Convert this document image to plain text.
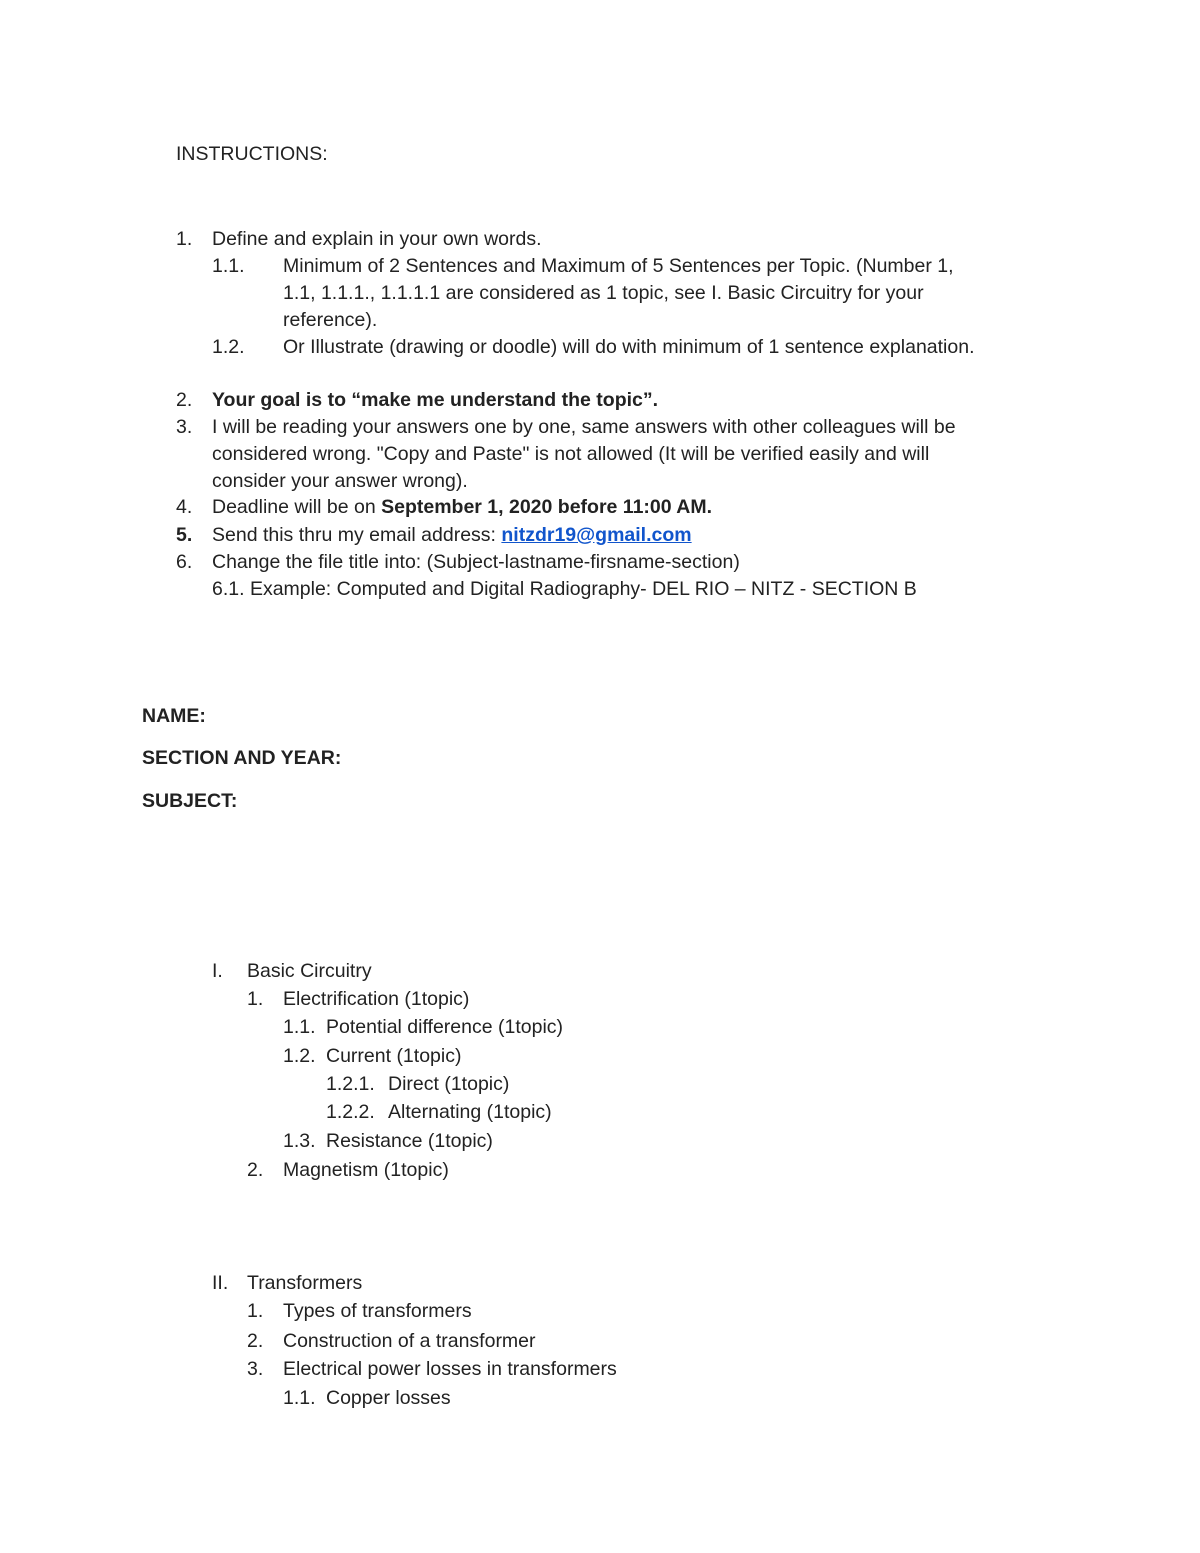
INSTRUCTIONS:
1. Define and explain in your own words.
1.1. Minimum of 2 Sentences and Maximum of 5 Sentences per Topic. (Number 1,
1.1, 1.1.1., 1.1.1.1 are considered as 1 topic, see I. Basic Circuitry for your
reference).
1.2. Or Illustrate (drawing or doodle) will do with minimum of 1 sentence explanation.
2. Your goal is to “make me understand the topic”.
3. I will be reading your answers one by one, same answers with other colleagues will be
considered wrong. "Copy and Paste" is not allowed (It will be verified easily and will
consider your answer wrong).
4. Deadline will be on September 1, 2020 before 11:00 AM.
5. Send this thru my email address: nitzdr19@gmail.com
6. Change the file title into: (Subject-lastname-firsname-section)
6.1. Example: Computed and Digital Radiography- DEL RIO – NITZ - SECTION B
NAME:
SECTION AND YEAR:
SUBJECT:
I. Basic Circuitry
1. Electrification (1topic)
1.1. Potential difference (1topic)
1.2. Current (1topic)
1.2.1. Direct (1topic)
1.2.2. Alternating (1topic)
1.3. Resistance (1topic)
2. Magnetism (1topic)
II. Transformers
1. Types of transformers
2. Construction of a transformer
3. Electrical power losses in transformers
1.1. Copper losses
